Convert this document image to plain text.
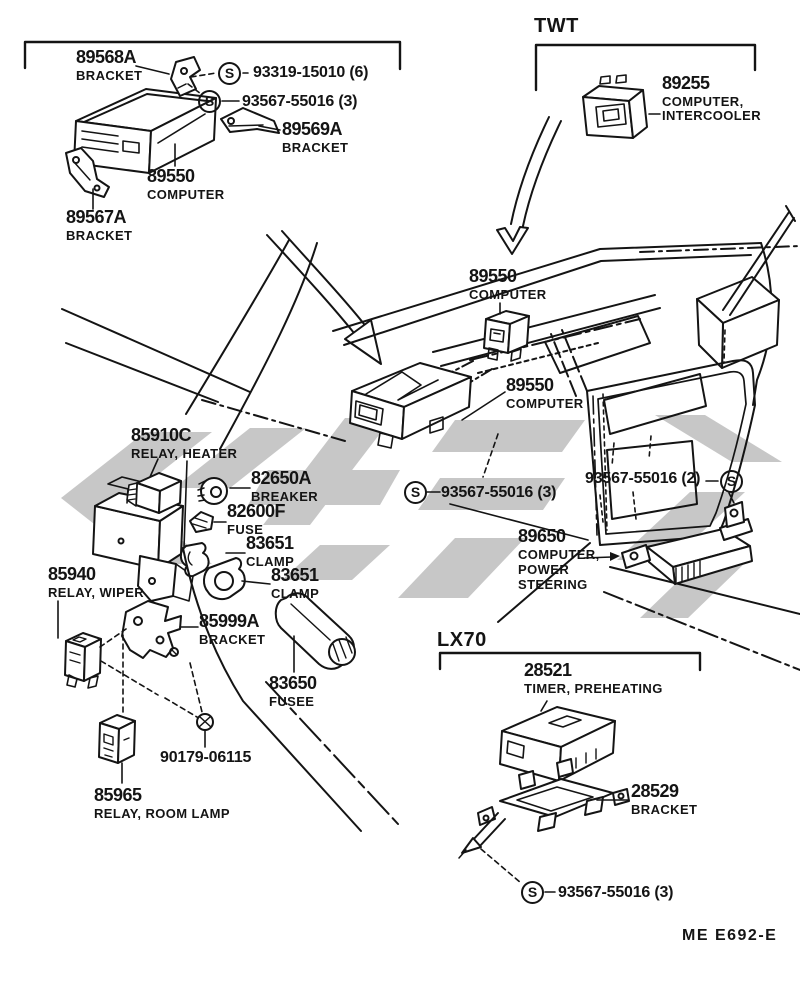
89568A
BRACKET	S	93319-15010 (6)
S	93567-55016 (3)
89569A
BRACKET
89550
COMPUTER
89567A
BRACKET
TWT
89255
COMPUTER,
INTERCOOLER
89550
COMPUTER
89550
COMPUTER
85910C
RELAY, HEATER
82650A
BREAKER
82600F
FUSE
83651
CLAMP
83651
CLAMP
85940
RELAY, WIPER
85999A
BRACKET
83650
FUSEE
90179-06115
85965
RELAY, ROOM LAMP
S	93567-55016 (3)
93567-55016 (2)	S
89650
COMPUTER,
POWER
STEERING
LX70
28521
TIMER, PREHEATING
28529
BRACKET
S	93567-55016 (3)
ME E692-E
